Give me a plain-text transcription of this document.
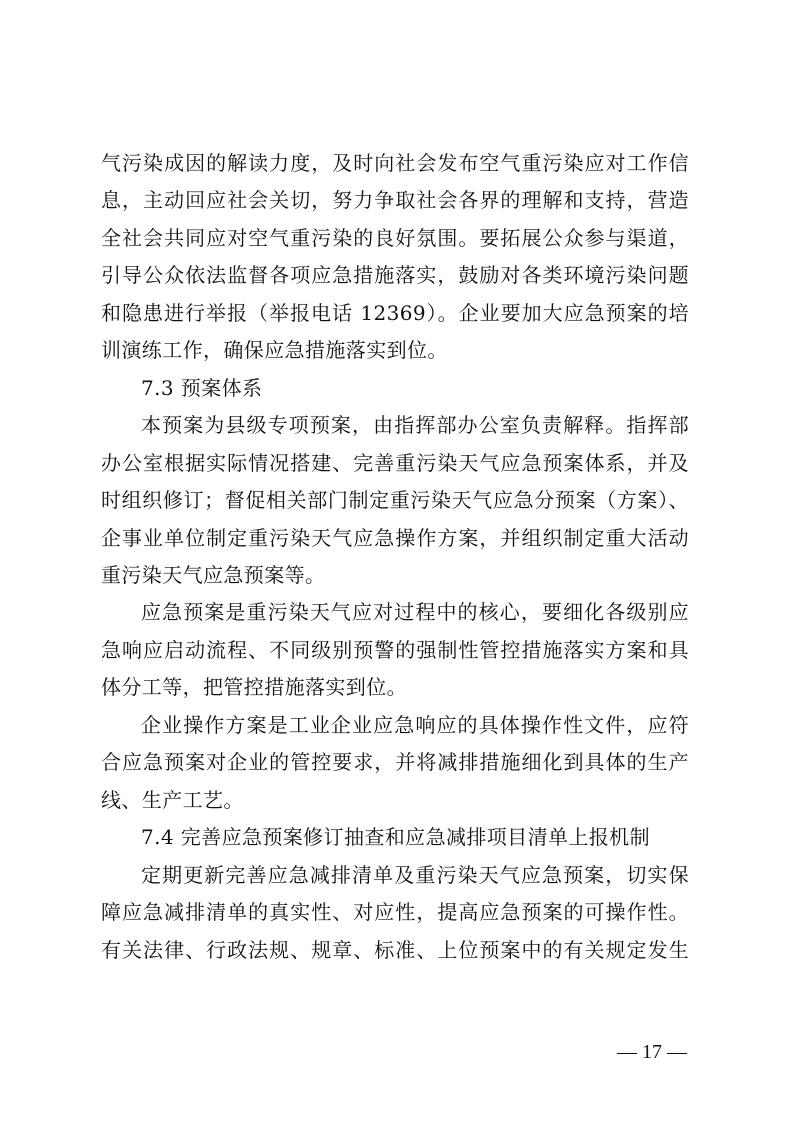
气污染成因的解读力度，及时向社会发布空气重污染应对工作信
息，主动回应社会关切，努力争取社会各界的理解和支持，营造
全社会共同应对空气重污染的良好氛围。要拓展公众参与渠道，
引导公众依法监督各项应急措施落实，鼓励对各类环境污染问题
和隐患进行举报（举报电话 12369）。企业要加大应急预案的培
训演练工作，确保应急措施落实到位。
7.3 预案体系
本预案为县级专项预案，由指挥部办公室负责解释。指挥部
办公室根据实际情况搭建、完善重污染天气应急预案体系，并及
时组织修订；督促相关部门制定重污染天气应急分预案（方案）、
企事业单位制定重污染天气应急操作方案，并组织制定重大活动
重污染天气应急预案等。
应急预案是重污染天气应对过程中的核心，要细化各级别应
急响应启动流程、不同级别预警的强制性管控措施落实方案和具
体分工等，把管控措施落实到位。
企业操作方案是工业企业应急响应的具体操作性文件，应符
合应急预案对企业的管控要求，并将减排措施细化到具体的生产
线、生产工艺。
7.4 完善应急预案修订抽查和应急减排项目清单上报机制
定期更新完善应急减排清单及重污染天气应急预案，切实保
障应急减排清单的真实性、对应性，提高应急预案的可操作性。
有关法律、行政法规、规章、标准、上位预案中的有关规定发生
— 17 —
